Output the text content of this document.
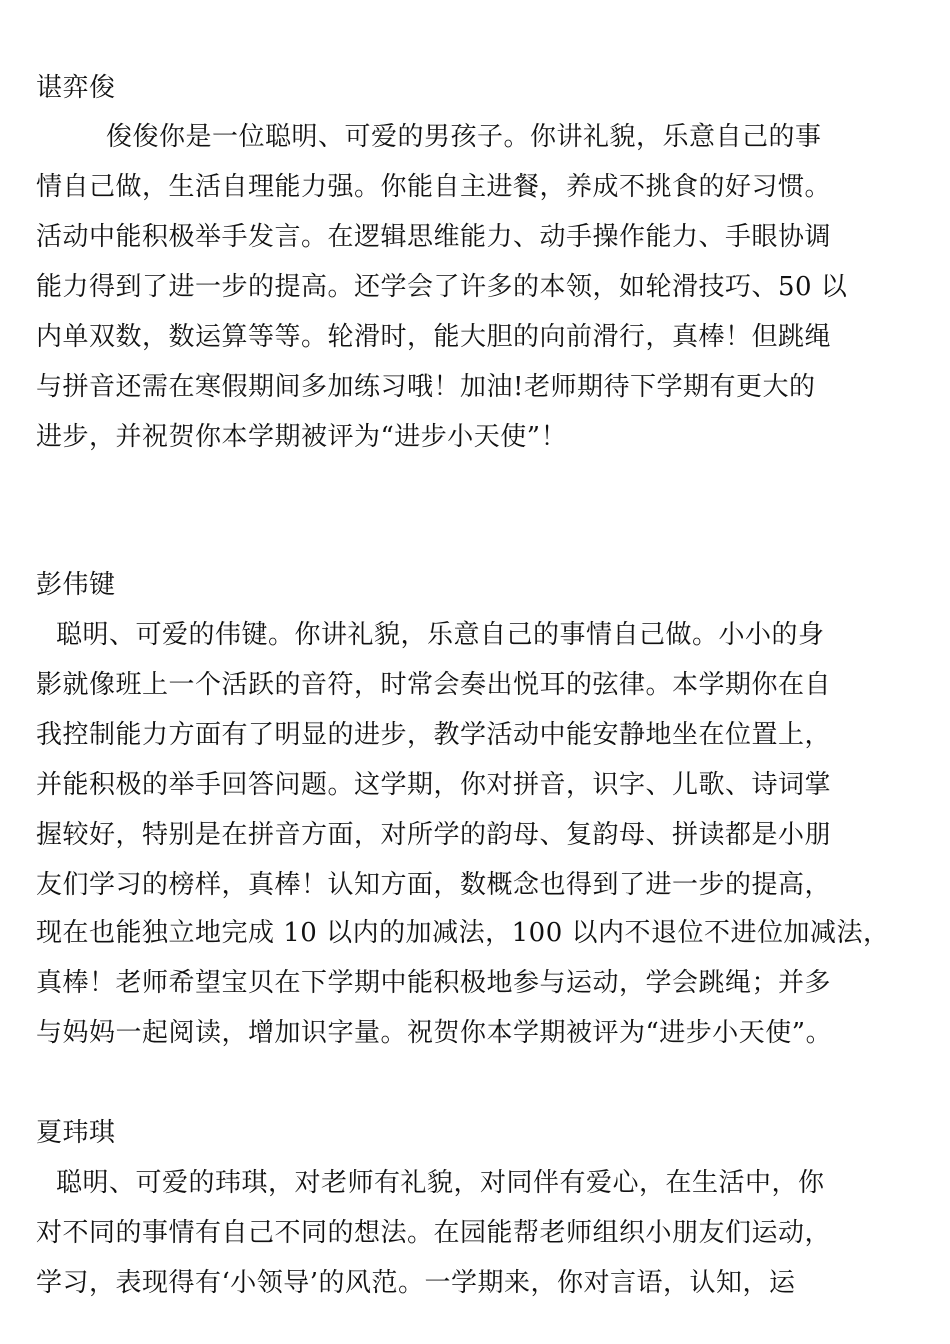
谌弈俊
俊俊你是一位聪明、可爱的男孩子。你讲礼貌，乐意自己的事
情自己做，生活自理能力强。你能自主进餐，养成不挑食的好习惯。
活动中能积极举手发言。在逻辑思维能力、动手操作能力、手眼协调
能力得到了进一步的提高。还学会了许多的本领，如轮滑技巧、50 以
内单双数，数运算等等。轮滑时，能大胆的向前滑行，真棒！但跳绳
与拼音还需在寒假期间多加练习哦！加油!老师期待下学期有更大的
进步，并祝贺你本学期被评为“进步小天使”！
彭伟键
聪明、可爱的伟键。你讲礼貌，乐意自己的事情自己做。小小的身
影就像班上一个活跃的音符，时常会奏出悦耳的弦律。本学期你在自
我控制能力方面有了明显的进步，教学活动中能安静地坐在位置上，
并能积极的举手回答问题。这学期，你对拼音，识字、儿歌、诗词掌
握较好，特别是在拼音方面，对所学的韵母、复韵母、拼读都是小朋
友们学习的榜样，真棒！认知方面，数概念也得到了进一步的提高，
现在也能独立地完成 10 以内的加减法，100 以内不退位不进位加减法，
真棒！老师希望宝贝在下学期中能积极地参与运动，学会跳绳；并多
与妈妈一起阅读，增加识字量。祝贺你本学期被评为“进步小天使”。
夏玮琪
聪明、可爱的玮琪，对老师有礼貌，对同伴有爱心，在生活中，你
对不同的事情有自己不同的想法。在园能帮老师组织小朋友们运动，
学习，表现得有‘小领导’的风范。一学期来，你对言语，认知，运
